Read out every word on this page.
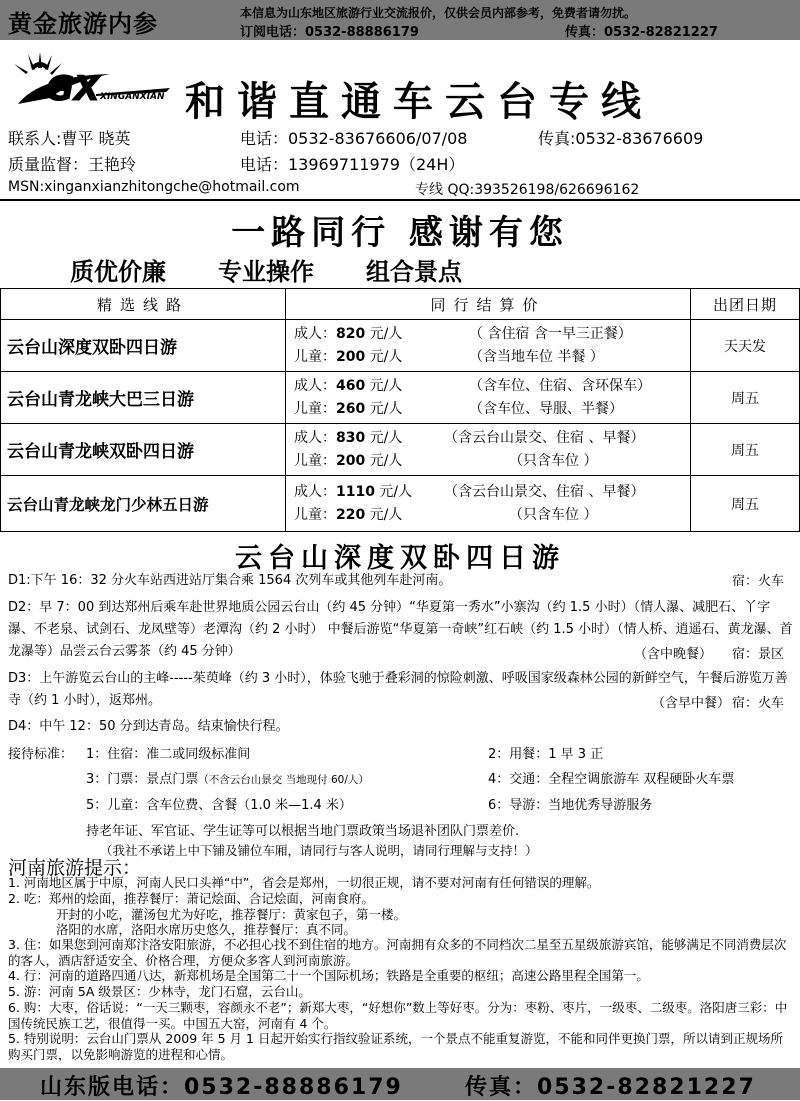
黄金旅游内参	本信息为山东地区旅游行业交流报价，仅供会员内部参考，免费者请勿扰。
订阅电话：0532-88886179	传真：0532-82821227
GX XINGANXIAN 和谐直通车云台专线
联系人:曹平 晓英	电话：0532-83676606/07/08	传真:0532-83676609
质量监督：王艳玲	电话：13969711979（24H）
MSN:xinganxianzhitongche@hotmail.com	专线 QQ:393526198/626696162
一路同行 感谢有您
质优价廉 专业操作 组合景点
精选线路	同行结算价	出团日期
云台山深度双卧四日游	成人：820 元/人 （ 含住宿 含一早三正餐）
儿童：200 元/人 （含当地车位 半餐 ）	天天发
云台山青龙峡大巴三日游	成人：460 元/人 （含车位、住宿、含环保车）
儿童：260 元/人 （含车位、导服、半餐）	周五
云台山青龙峡双卧四日游	成人：830 元/人 （含云台山景交、住宿 、早餐）
儿童：200 元/人 （只含车位 ）	周五
云台山青龙峡龙门少林五日游	成人：1110 元/人 （含云台山景交、住宿 、早餐）
儿童：220 元/人 （只含车位 ）	周五
云台山深度双卧四日游
D1:下午 16：32 分火车站西进站厅集合乘 1564 次列车或其他列车赴河南。	宿：火车
D2：早 7：00 到达郑州后乘车赴世界地质公园云台山（约 45 分钟）“华夏第一秀水”小寨沟（约 1.5 小时）（情人瀑、减肥石、丫字瀑、不老泉、试剑石、龙凤壁等）老潭沟（约 2 小时） 中餐后游览“华夏第一奇峡”红石峡（约 1.5 小时）（情人桥、逍遥石、黄龙瀑、首龙瀑等）品尝云台云雾茶（约 45 分钟）	（含中晚餐） 宿：景区
D3：上午游览云台山的主峰-----茱萸峰（约 3 小时），体验飞驰于叠彩洞的惊险刺激、呼吸国家级森林公园的新鲜空气，午餐后游览万善寺（约 1 小时），返郑州。	（含早中餐） 宿：火车
D4：中午 12：50 分到达青岛。结束愉快行程。
接待标准： 1：住宿：准二或同级标准间	2：用餐：1 早 3 正
3：门票：景点门票（不含云台山景交 当地现付 60/人）	4：交通：全程空调旅游车 双程硬卧火车票
5：儿童：含车位费、含餐（1.0 米—1.4 米）	6：导游：当地优秀导游服务
持老年证、军官证、学生证等可以根据当地门票政策当场退补团队门票差价.
（我社不承诺上中下铺及铺位车厢，请同行与客人说明，请同行理解与支持！）
河南旅游提示：
1. 河南地区属于中原，河南人民口头禅“中”，省会是郑州，一切很正规，请不要对河南有任何错误的理解。
2. 吃：郑州的烩面，推荐餐厅：萧记烩面、合记烩面，河南食府。
开封的小吃，灌汤包尤为好吃，推荐餐厅：黄家包子，第一楼。
洛阳的水席，洛阳水席历史悠久，推荐餐厅：真不同。
3. 住：如果您到河南郑汴洛安阳旅游，不必担心找不到住宿的地方。河南拥有众多的不同档次二星至五星级旅游宾馆，能够满足不同消费层次的客人，酒店舒适安全、价格合理，方便众多客人到河南旅游。
4. 行：河南的道路四通八达，新郑机场是全国第二十一个国际机场；铁路是全重要的枢纽；高速公路里程全国第一。
5. 游：河南 5A 级景区：少林寺，龙门石窟，云台山。
6. 购：大枣，俗话说：“一天三颗枣，容颜永不老”；新郑大枣，“好想你”数上等好枣。分为：枣粉、枣片，一级枣、二级枣。洛阳唐三彩：中国传统民族工艺，很值得一买。中国五大窑，河南有 4 个。
5. 特别说明：云台山门票从 2009 年 5 月 1 日起开始实行指纹验证系统，一个景点不能重复游览，不能和同伴更换门票，所以请到正规场所购买门票，以免影响游览的进程和心情。
山东版电话：0532-88886179	传真：0532-82821227
